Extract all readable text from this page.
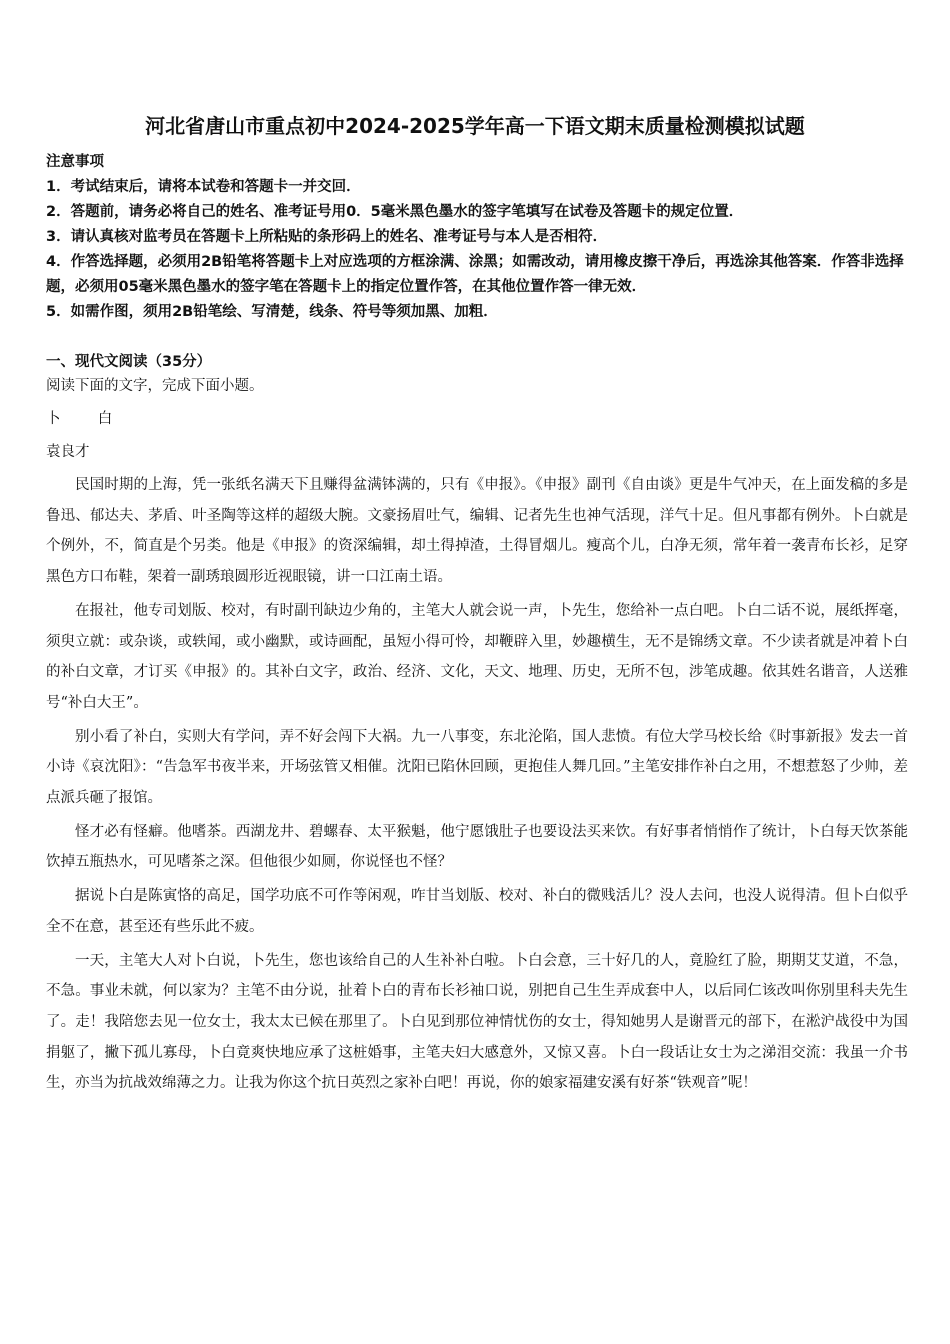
河北省唐山市重点初中2024-2025学年高一下语文期末质量检测模拟试题
注意事项
1．考试结束后，请将本试卷和答题卡一并交回．
2．答题前，请务必将自己的姓名、准考证号用0．5毫米黑色墨水的签字笔填写在试卷及答题卡的规定位置．
3．请认真核对监考员在答题卡上所粘贴的条形码上的姓名、准考证号与本人是否相符．
4．作答选择题，必须用2B铅笔将答题卡上对应选项的方框涂满、涂黑；如需改动，请用橡皮擦干净后，再选涂其他答案．作答非选择题，必须用05毫米黑色墨水的签字笔在答题卡上的指定位置作答，在其他位置作答一律无效．
5．如需作图，须用2B铅笔绘、写清楚，线条、符号等须加黑、加粗．
一、现代文阅读（35分）
阅读下面的文字，完成下面小题。
卜	白
袁良才

民国时期的上海，凭一张纸名满天下且赚得盆满钵满的，只有《申报》。《申报》副刊《自由谈》更是牛气冲天，在上面发稿的多是鲁迅、郁达夫、茅盾、叶圣陶等这样的超级大腕。文豪扬眉吐气，编辑、记者先生也神气活现，洋气十足。但凡事都有例外。卜白就是个例外，不，简直是个另类。他是《申报》的资深编辑，却土得掉渣，土得冒烟儿。瘦高个儿，白净无须，常年着一袭青布长衫，足穿黑色方口布鞋，架着一副琇琅圆形近视眼镜，讲一口江南土语。

在报社，他专司划版、校对，有时副刊缺边少角的，主笔大人就会说一声，卜先生，您给补一点白吧。卜白二话不说，展纸挥毫，须臾立就：或杂谈，或轶闻，或小幽默，或诗画配，虽短小得可怜，却鞭辟入里，妙趣横生，无不是锦绣文章。不少读者就是冲着卜白的补白文章，才订买《申报》的。其补白文字，政治、经济、文化，天文、地理、历史，无所不包，涉笔成趣。依其姓名谐音，人送雅号“补白大王”。

别小看了补白，实则大有学问，弄不好会闯下大祸。九一八事变，东北沦陷，国人悲愤。有位大学马校长给《时事新报》发去一首小诗《哀沈阳》：“告急军书夜半来，开场弦管又相催。沈阳已陷休回顾，更抱佳人舞几回。”主笔安排作补白之用，不想惹怒了少帅，差点派兵砸了报馆。

怪才必有怪癖。他嗜茶。西湖龙井、碧螺春、太平猴魁，他宁愿饿肚子也要设法买来饮。有好事者悄悄作了统计，卜白每天饮茶能饮掉五瓶热水，可见嗜茶之深。但他很少如厕，你说怪也不怪？

据说卜白是陈寅恪的高足，国学功底不可作等闲观，咋甘当划版、校对、补白的微贱活儿？没人去问，也没人说得清。但卜白似乎全不在意，甚至还有些乐此不疲。

一天，主笔大人对卜白说，卜先生，您也该给自己的人生补补白啦。卜白会意，三十好几的人，竟脸红了脸，期期艾艾道，不急，不急。事业未就，何以家为？主笔不由分说，扯着卜白的青布长衫袖口说，别把自己生生弄成套中人，以后同仁该改叫你别里科夫先生了。走！我陪您去见一位女士，我太太已候在那里了。卜白见到那位神情忧伤的女士，得知她男人是谢晋元的部下，在淞沪战役中为国捐躯了，撇下孤儿寡母，卜白竟爽快地应承了这桩婚事，主笔夫妇大感意外，又惊又喜。卜白一段话让女士为之涕泪交流：我虽一介书生，亦当为抗战效绵薄之力。让我为你这个抗日英烈之家补白吧！再说，你的娘家福建安溪有好茶“铁观音”呢！
